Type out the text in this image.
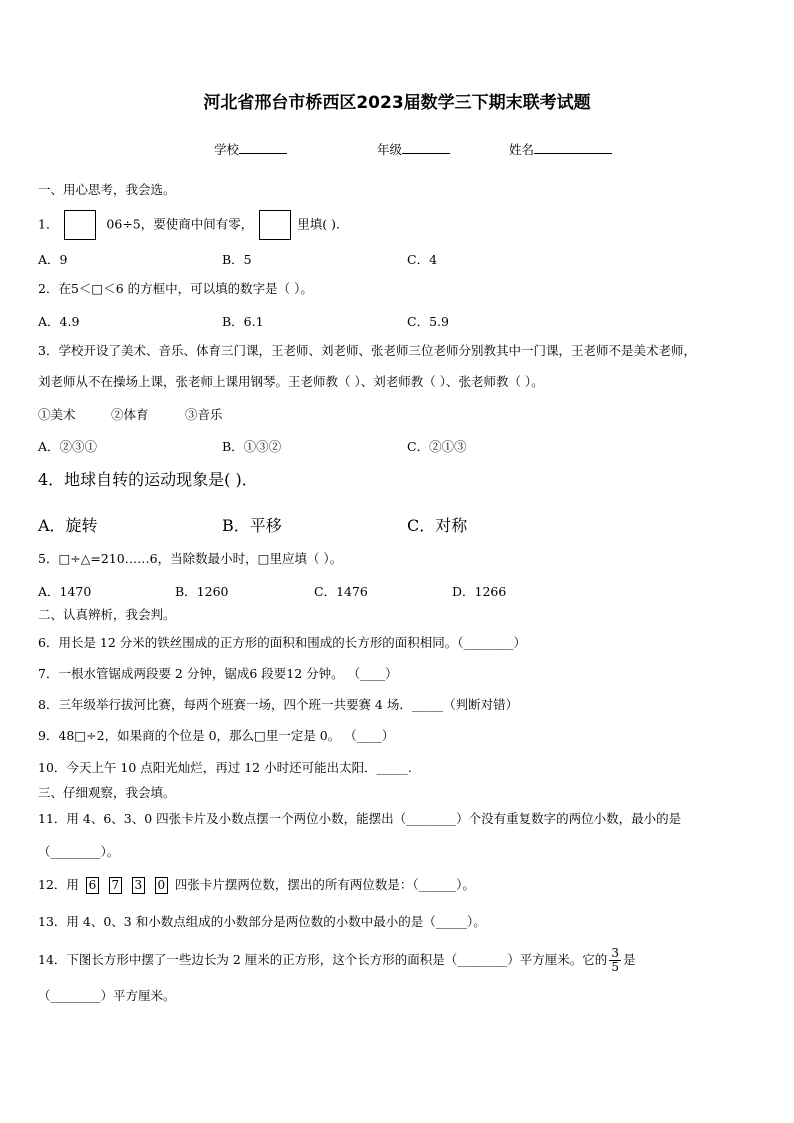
河北省邢台市桥西区2023届数学三下期末联考试题
学校	年级	姓名
一、用心思考，我会选。
1．	06÷5，要使商中间有零，	里填( ).
A．9	B．5	C．4
2．在5＜□＜6 的方框中，可以填的数字是（ ）。
A．4.9	B．6.1	C．5.9
3．学校开设了美术、音乐、体育三门课，王老师、刘老师、张老师三位老师分别教其中一门课，王老师不是美术老师，
刘老师从不在操场上课，张老师上课用钢琴。王老师教（ ）、刘老师教（ ）、张老师教（ ）。
①美术	②体育	③音乐
A．②③①	B．①③②	C．②①③
4．地球自转的运动现象是( )．
A．旋转	B．平移	C．对称
5．□÷△=210……6，当除数最小时，□里应填（ ）。
A．1470	B．1260	C．1476	D．1266
二、认真辨析，我会判。
6．用长是 12 分米的铁丝围成的正方形的面积和围成的长方形的面积相同。（________）
7．一根水管锯成两段要 2 分钟，锯成6 段要12 分钟。 （____）
8．三年级举行拔河比赛，每两个班赛一场，四个班一共要赛 4 场．_____（判断对错）
9．48□÷2，如果商的个位是 0，那么□里一定是 0。 （____）
10．今天上午 10 点阳光灿烂，再过 12 小时还可能出太阳．_____.
三、仔细观察，我会填。
11．用 4、6、3、0 四张卡片及小数点摆一个两位小数，能摆出（________）个没有重复数字的两位小数，最小的是
（________）。
12．用 6 7 3 0 四张卡片摆两位数，摆出的所有两位数是：（______）。
13．用 4、0、3 和小数点组成的小数部分是两位数的小数中最小的是（_____）。
14．下图长方形中摆了一些边长为 2 厘米的正方形，这个长方形的面积是（________）平方厘米。它的 $\frac{3}{5}$ 是
（________）平方厘米。
